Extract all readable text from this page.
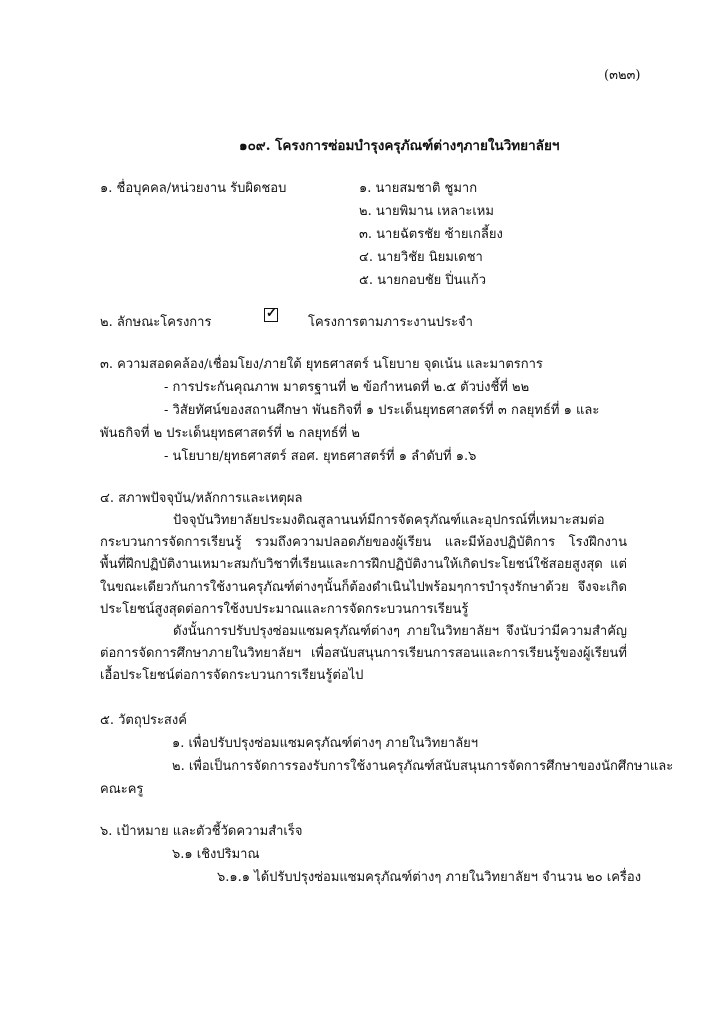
(๓๒๓)
๑๐๙. โครงการซ่อมบำรุงครุภัณฑ์ต่างๆภายในวิทยาลัยฯ
๑. ชื่อบุคคล/หน่วยงาน รับผิดชอบ	๑. นายสมชาติ ชูมาก
๒. นายพิมาน เหลาะเหม
๓. นายฉัตรชัย ซ้ายเกลี้ยง
๔. นายวิชัย นิยมเดชา
๕. นายกอบชัย ปิ่นแก้ว
๒. ลักษณะโครงการ
✓
โครงการตามภาระงานประจำ
๓. ความสอดคล้อง/เชื่อมโยง/ภายใต้ ยุทธศาสตร์ นโยบาย จุดเน้น และมาตรการ
- การประกันคุณภาพ มาตรฐานที่ ๒ ข้อกำหนดที่ ๒.๕ ตัวบ่งชี้ที่ ๒๒
- วิสัยทัศน์ของสถานศึกษา พันธกิจที่ ๑ ประเด็นยุทธศาสตร์ที่ ๓ กลยุทธ์ที่ ๑ และ
พันธกิจที่ ๒ ประเด็นยุทธศาสตร์ที่ ๒ กลยุทธ์ที่ ๒
- นโยบาย/ยุทธศาสตร์ สอศ. ยุทธศาสตร์ที่ ๑ ลำดับที่ ๑.๖
๔. สภาพปัจจุบัน/หลักการและเหตุผล
ปัจจุบันวิทยาลัยประมงติณสูลานนท์มีการจัดครุภัณฑ์และอุปกรณ์ที่เหมาะสมต่อกระบวนการจัดการเรียนรู้ รวมถึงความปลอดภัยของผู้เรียน และมีห้องปฏิบัติการ โรงฝึกงาน พื้นที่ฝึกปฏิบัติงานเหมาะสมกับวิชาที่เรียนและการฝึกปฏิบัติงานให้เกิดประโยชน์ใช้สอยสูงสุด แต่ในขณะเดียวกันการใช้งานครุภัณฑ์ต่างๆนั้นก็ต้องดำเนินไปพร้อมๆการบำรุงรักษาด้วย จึงจะเกิดประโยชน์สูงสุดต่อการใช้งบประมาณและการจัดกระบวนการเรียนรู้
ดังนั้นการปรับปรุงซ่อมแซมครุภัณฑ์ต่างๆ ภายในวิทยาลัยฯ จึงนับว่ามีความสำคัญต่อการจัดการศึกษาภายในวิทยาลัยฯ เพื่อสนับสนุนการเรียนการสอนและการเรียนรู้ของผู้เรียนที่เอื้อประโยชน์ต่อการจัดกระบวนการเรียนรู้ต่อไป
๕. วัตถุประสงค์
๑. เพื่อปรับปรุงซ่อมแซมครุภัณฑ์ต่างๆ ภายในวิทยาลัยฯ
๒. เพื่อเป็นการจัดการรองรับการใช้งานครุภัณฑ์สนับสนุนการจัดการศึกษาของนักศึกษาและ
คณะครู
๖. เป้าหมาย และตัวชี้วัดความสำเร็จ
๖.๑ เชิงปริมาณ
๖.๑.๑ ได้ปรับปรุงซ่อมแซมครุภัณฑ์ต่างๆ ภายในวิทยาลัยฯ จำนวน ๒๐ เครื่อง
